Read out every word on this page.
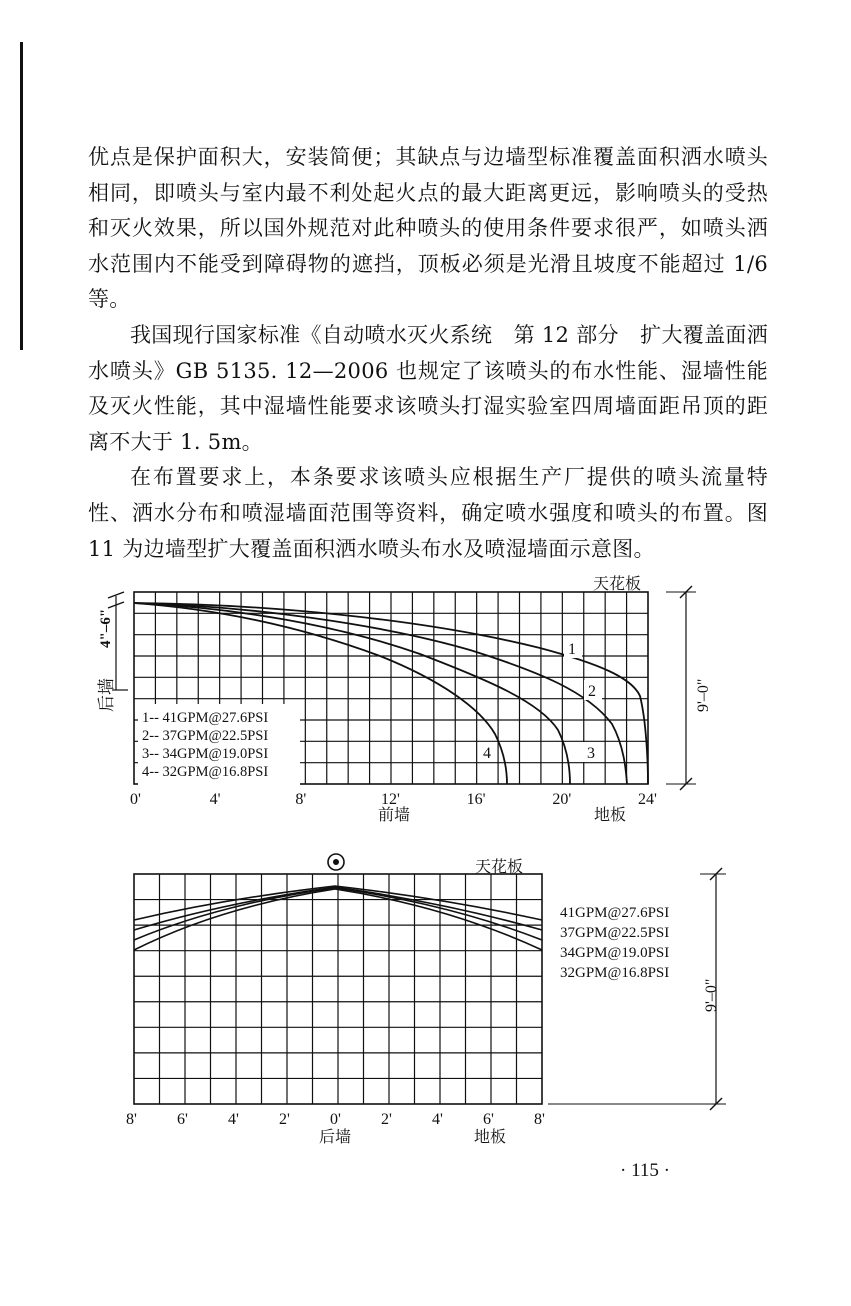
优点是保护面积大，安装简便；其缺点与边墙型标准覆盖面积洒水喷头相同，即喷头与室内最不利处起火点的最大距离更远，影响喷头的受热和灭火效果，所以国外规范对此种喷头的使用条件要求很严，如喷头洒水范围内不能受到障碍物的遮挡，顶板必须是光滑且坡度不能超过 1/6 等。

我国现行国家标准《自动喷水灭火系统　第 12 部分　扩大覆盖面洒水喷头》GB 5135. 12—2006 也规定了该喷头的布水性能、湿墙性能及灭火性能，其中湿墙性能要求该喷头打湿实验室四周墙面距吊顶的距离不大于 1. 5m。

在布置要求上，本条要求该喷头应根据生产厂提供的喷头流量特性、洒水分布和喷湿墙面范围等资料，确定喷水强度和喷头的布置。图 11 为边墙型扩大覆盖面积洒水喷头布水及喷湿墙面示意图。

4"–6"
后墙	9'–0"
天花板
前墙	地板
0'	4'	8'	12'	16'	20'	24'
1-- 41GPM@27.6PSI
2-- 37GPM@22.5PSI
3-- 34GPM@19.0PSI
4-- 32GPM@16.8PSI
1
2
3
4
天花板
8'	6'	4'	2'	0'	2'	4'	6'	8'
后墙	地板
41GPM@27.6PSI
37GPM@22.5PSI
34GPM@19.0PSI
32GPM@16.8PSI
9'–0"
· 115 ·
